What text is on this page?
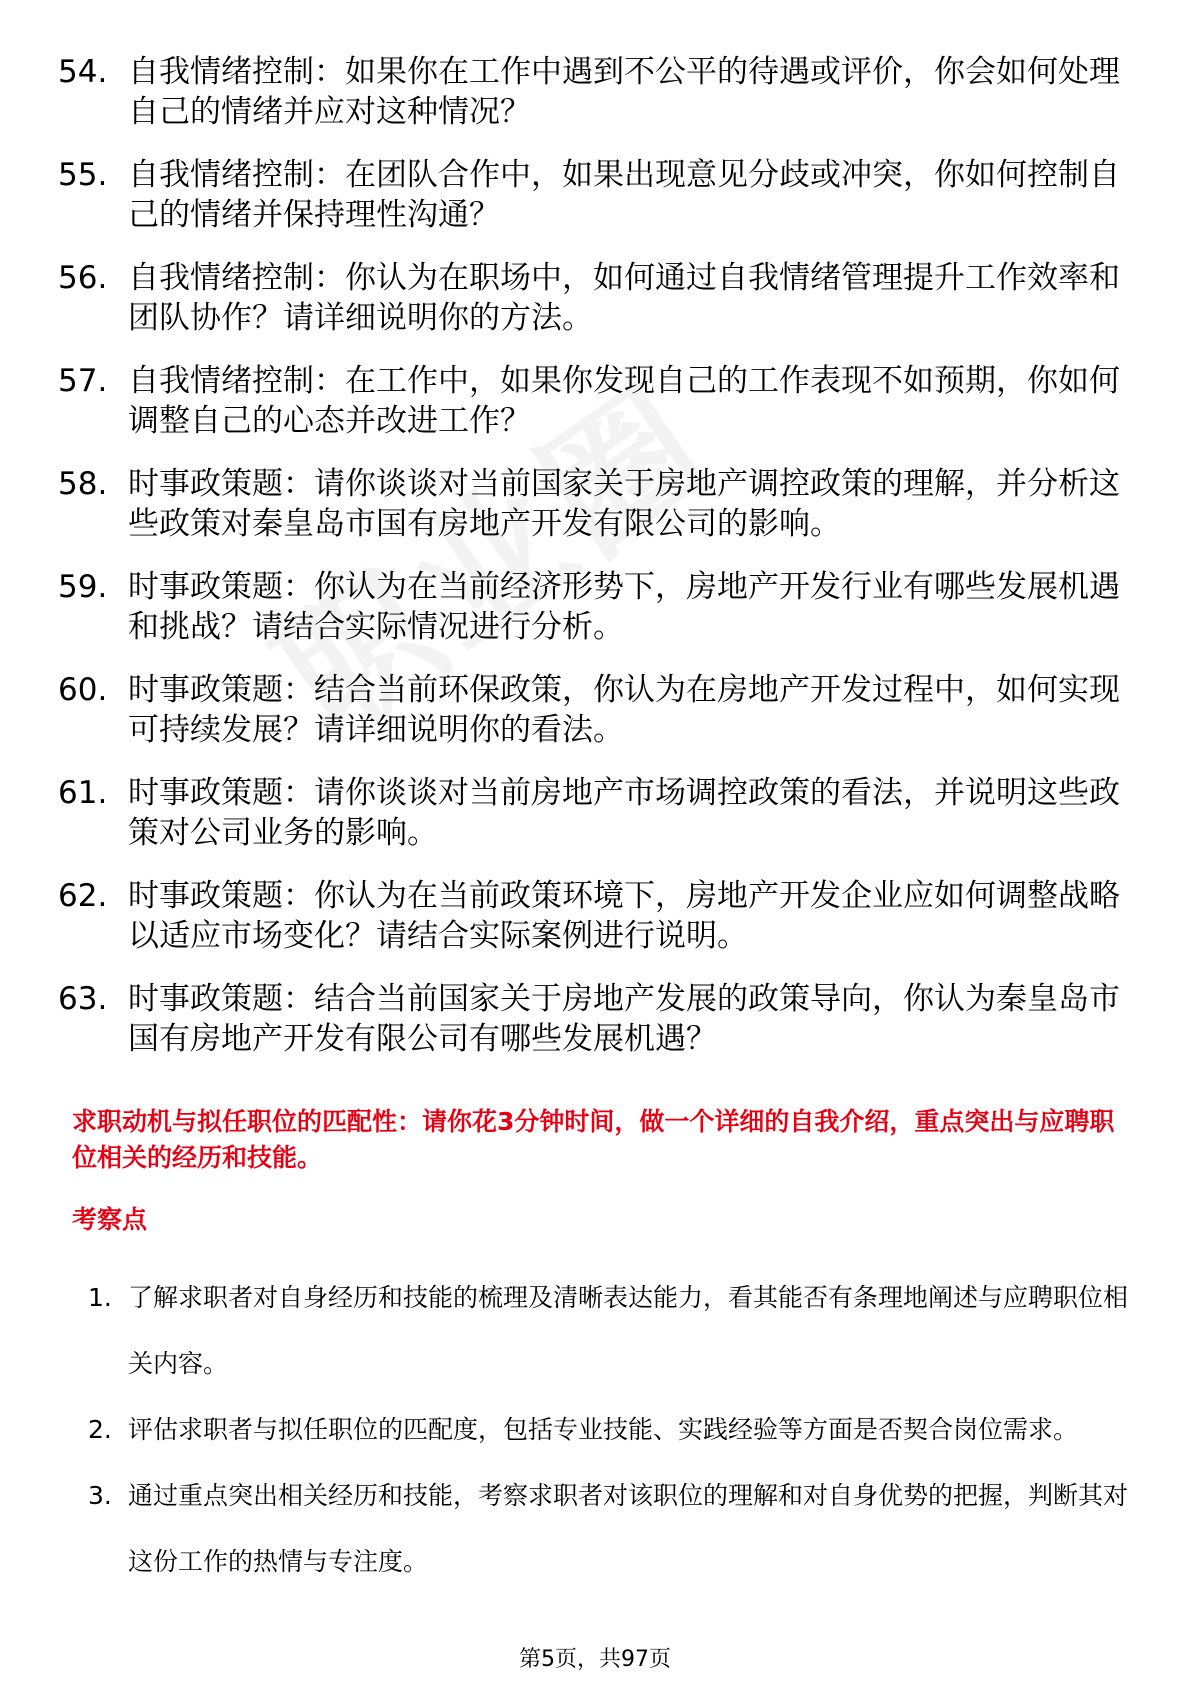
54. 自我情绪控制：如果你在工作中遇到不公平的待遇或评价，你会如何处理自己的情绪并应对这种情况？
55. 自我情绪控制：在团队合作中，如果出现意见分歧或冲突，你如何控制自己的情绪并保持理性沟通？
56. 自我情绪控制：你认为在职场中，如何通过自我情绪管理提升工作效率和团队协作？请详细说明你的方法。
57. 自我情绪控制：在工作中，如果你发现自己的工作表现不如预期，你如何调整自己的心态并改进工作？
58. 时事政策题：请你谈谈对当前国家关于房地产调控政策的理解，并分析这些政策对秦皇岛市国有房地产开发有限公司的影响。
59. 时事政策题：你认为在当前经济形势下，房地产开发行业有哪些发展机遇和挑战？请结合实际情况进行分析。
60. 时事政策题：结合当前环保政策，你认为在房地产开发过程中，如何实现可持续发展？请详细说明你的看法。
61. 时事政策题：请你谈谈对当前房地产市场调控政策的看法，并说明这些政策对公司业务的影响。
62. 时事政策题：你认为在当前政策环境下，房地产开发企业应如何调整战略以适应市场变化？请结合实际案例进行说明。
63. 时事政策题：结合当前国家关于房地产发展的政策导向，你认为秦皇岛市国有房地产开发有限公司有哪些发展机遇？
求职动机与拟任职位的匹配性：请你花3分钟时间，做一个详细的自我介绍，重点突出与应聘职位相关的经历和技能。
考察点
1. 了解求职者对自身经历和技能的梳理及清晰表达能力，看其能否有条理地阐述与应聘职位相关内容。
2. 评估求职者与拟任职位的匹配度，包括专业技能、实践经验等方面是否契合岗位需求。
3. 通过重点突出相关经历和技能，考察求职者对该职位的理解和对自身优势的把握，判断其对这份工作的热情与专注度。
第5页，共97页
